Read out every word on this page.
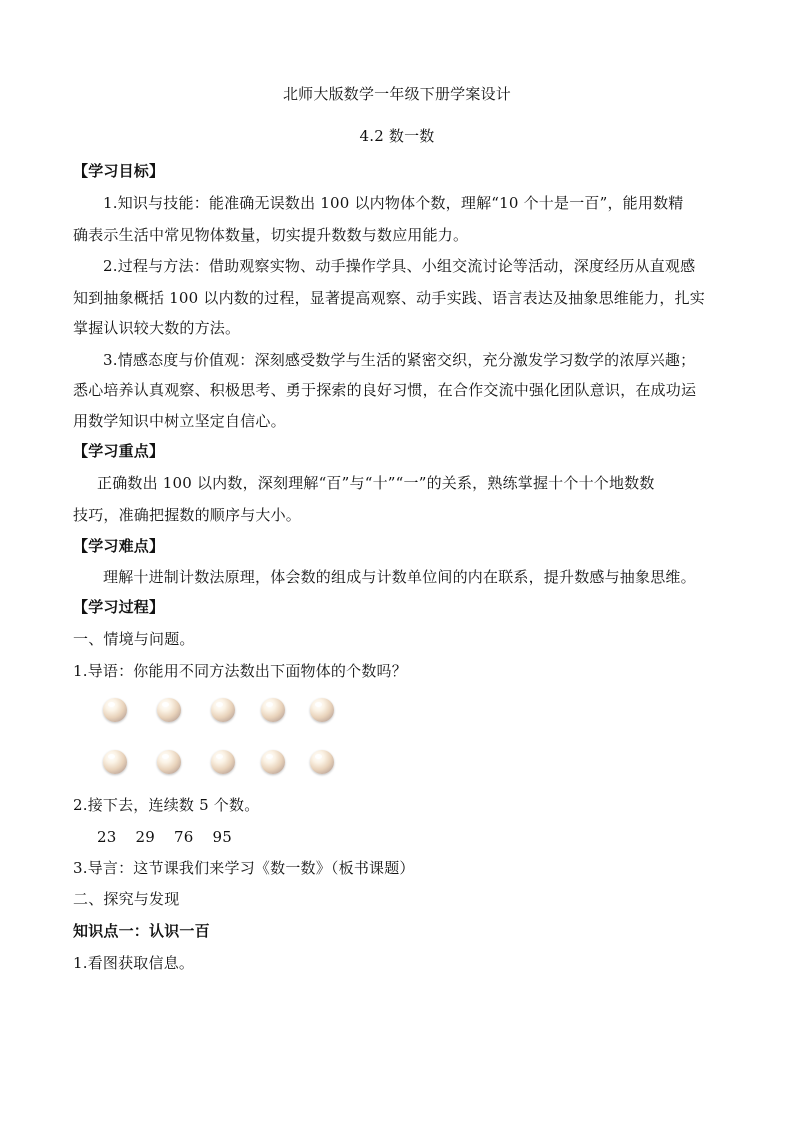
北师大版数学一年级下册学案设计
4.2 数一数
【学习目标】
1.知识与技能：能准确无误数出 100 以内物体个数，理解“10 个十是一百”，能用数精
确表示生活中常见物体数量，切实提升数数与数应用能力。
2.过程与方法：借助观察实物、动手操作学具、小组交流讨论等活动，深度经历从直观感
知到抽象概括 100 以内数的过程，显著提高观察、动手实践、语言表达及抽象思维能力，扎实
掌握认识较大数的方法。
3.情感态度与价值观：深刻感受数学与生活的紧密交织，充分激发学习数学的浓厚兴趣；
悉心培养认真观察、积极思考、勇于探索的良好习惯，在合作交流中强化团队意识，在成功运
用数学知识中树立坚定自信心。
【学习重点】
正确数出 100 以内数，深刻理解“百”与“十”“一”的关系，熟练掌握十个十个地数数
技巧，准确把握数的顺序与大小。
【学习难点】
理解十进制计数法原理，体会数的组成与计数单位间的内在联系，提升数感与抽象思维。
【学习过程】
一、情境与问题。
1.导语：你能用不同方法数出下面物体的个数吗？
2.接下去，连续数 5 个数。
23 29 76 95
3.导言：这节课我们来学习《数一数》（板书课题）
二、探究与发现
知识点一：认识一百
1.看图获取信息。
